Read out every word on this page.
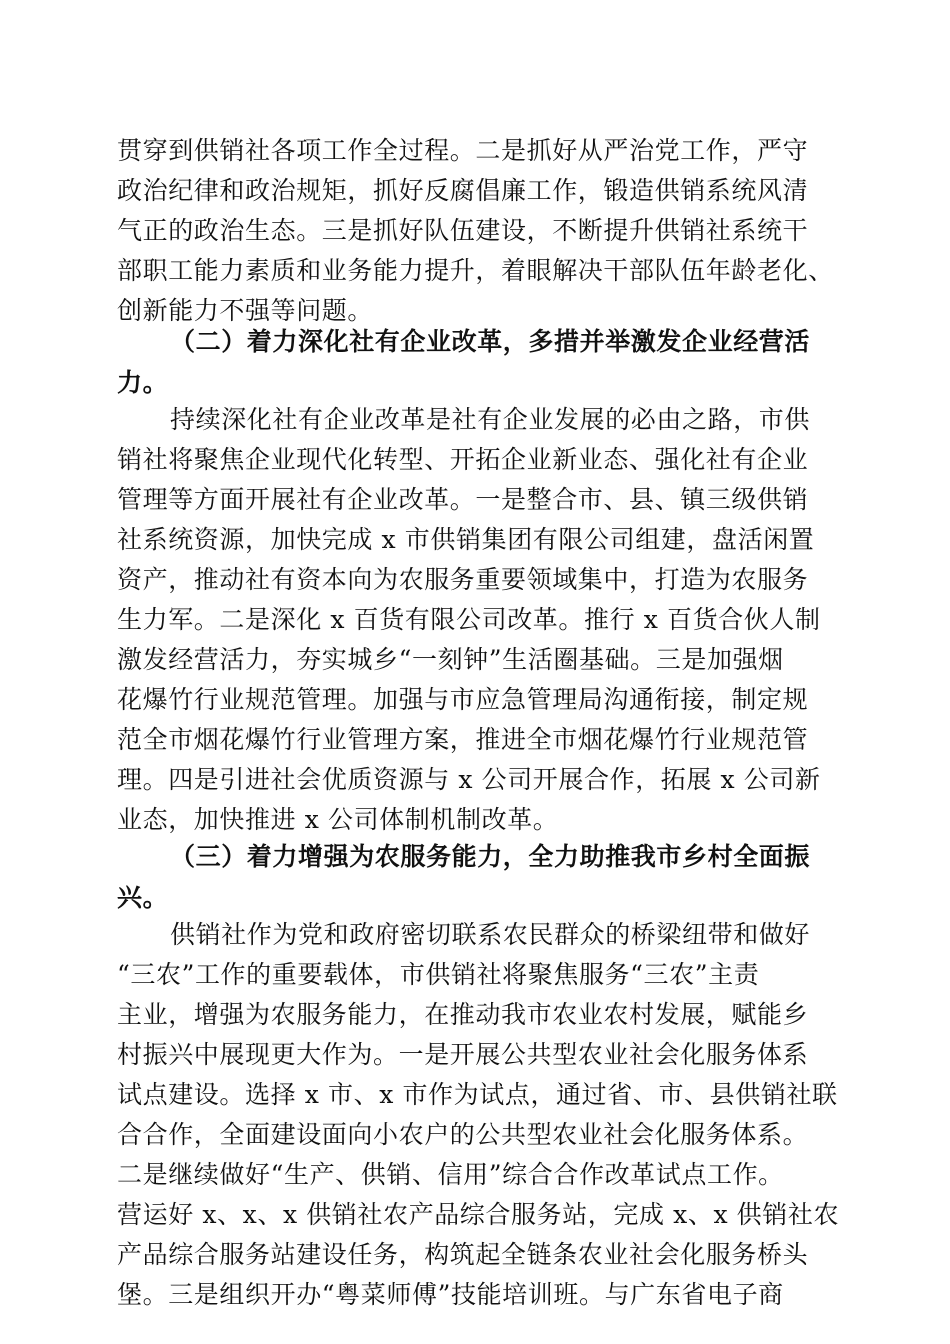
贯穿到供销社各项工作全过程。二是抓好从严治党工作，严守
政治纪律和政治规矩，抓好反腐倡廉工作，锻造供销系统风清
气正的政治生态。三是抓好队伍建设，不断提升供销社系统干
部职工能力素质和业务能力提升，着眼解决干部队伍年龄老化、
创新能力不强等问题。
（二）着力深化社有企业改革，多措并举激发企业经营活
力。
持续深化社有企业改革是社有企业发展的必由之路，市供
销社将聚焦企业现代化转型、开拓企业新业态、强化社有企业
管理等方面开展社有企业改革。一是整合市、县、镇三级供销
社系统资源，加快完成 x 市供销集团有限公司组建，盘活闲置
资产，推动社有资本向为农服务重要领域集中，打造为农服务
生力军。二是深化 x 百货有限公司改革。推行 x 百货合伙人制
激发经营活力，夯实城乡“一刻钟”生活圈基础。三是加强烟
花爆竹行业规范管理。加强与市应急管理局沟通衔接，制定规
范全市烟花爆竹行业管理方案，推进全市烟花爆竹行业规范管
理。四是引进社会优质资源与 x 公司开展合作，拓展 x 公司新
业态，加快推进 x 公司体制机制改革。
（三）着力增强为农服务能力，全力助推我市乡村全面振
兴。
供销社作为党和政府密切联系农民群众的桥梁纽带和做好
“三农”工作的重要载体，市供销社将聚焦服务“三农”主责
主业，增强为农服务能力，在推动我市农业农村发展，赋能乡
村振兴中展现更大作为。一是开展公共型农业社会化服务体系
试点建设。选择 x 市、x 市作为试点，通过省、市、县供销社联
合合作，全面建设面向小农户的公共型农业社会化服务体系。
二是继续做好“生产、供销、信用”综合合作改革试点工作。
营运好 x、x、x 供销社农产品综合服务站，完成 x、x 供销社农
产品综合服务站建设任务，构筑起全链条农业社会化服务桥头
堡。三是组织开办“粤菜师傅”技能培训班。与广东省电子商
